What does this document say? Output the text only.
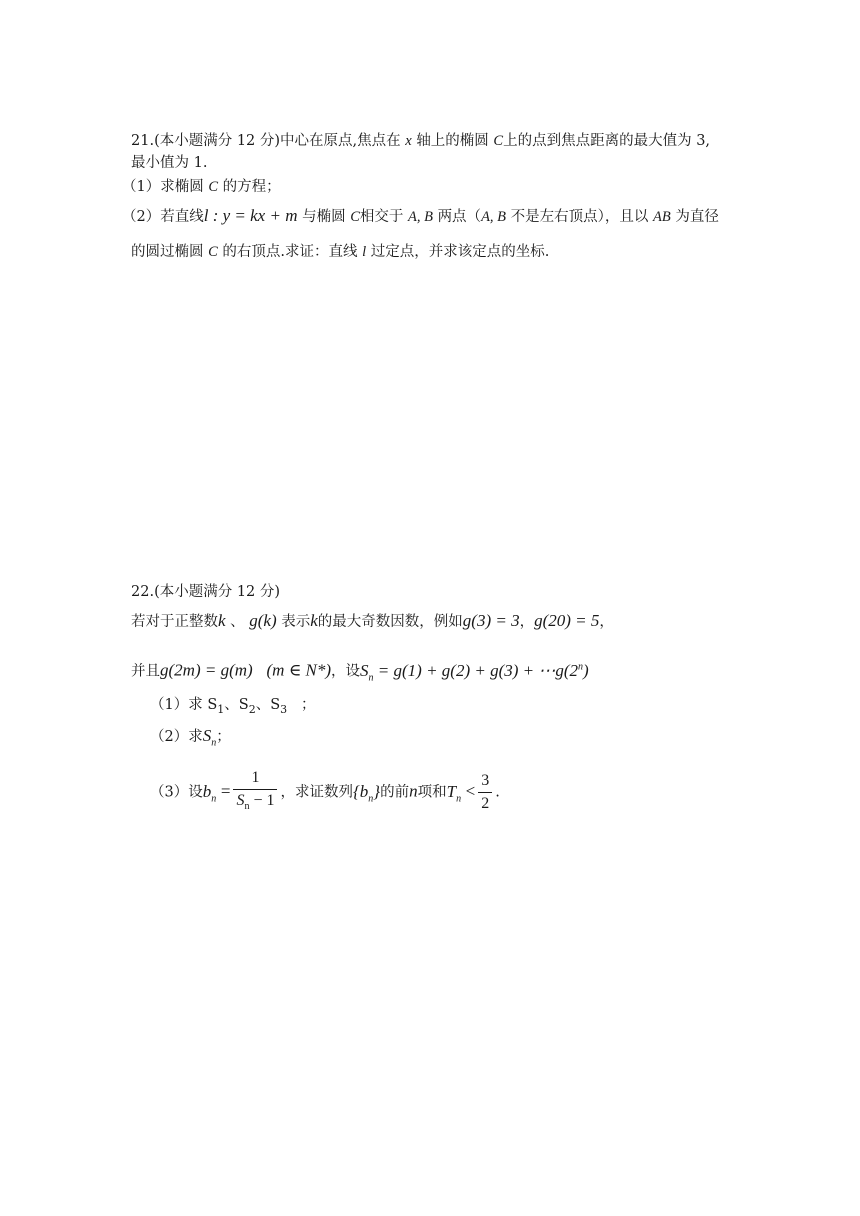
21.(本小题满分 12 分)中心在原点,焦点在 x 轴上的椭圆 C上的点到焦点距离的最大值为 3,
最小值为 1.
（1）求椭圆 C 的方程；
（2）若直线l : y = kx + m 与椭圆 C相交于 A, B 两点（A, B 不是左右顶点），且以 AB 为直径
的圆过椭圆 C 的右顶点.求证：直线 l 过定点，并求该定点的坐标.
22.(本小题满分 12 分)
若对于正整数k 、 g(k) 表示k的最大奇数因数，例如g(3) = 3，g(20) = 5，
并且g(2m) = g(m) (m ∈ N*)，设$S_n = g(1) + g(2) + g(3)$ + $\cdots g(2^n)$
（1）求 $S_1$、$S_2$、$S_3$ ；
（2）求$S_n$；
（3）设$b_n = \frac{1}{S_n - 1}$ ，求证数列$\{b_n\}$的前n项和$T_n < \frac{3}{2}$ .
